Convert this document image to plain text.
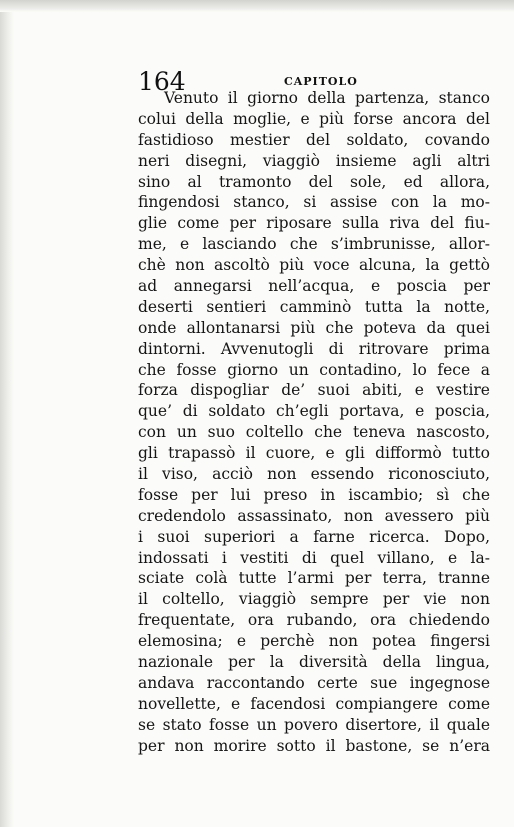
164	CAPITOLO
Venuto il giorno della partenza, stanco
colui della moglie, e più forse ancora del
fastidioso mestier del soldato, covando
neri disegni, viaggiò insieme agli altri
sino al tramonto del sole, ed allora,
fingendosi stanco, si assise con la mo-
glie come per riposare sulla riva del fiu-
me, e lasciando che s’imbrunisse, allor-
chè non ascoltò più voce alcuna, la gettò
ad annegarsi nell’acqua, e poscia per
deserti sentieri camminò tutta la notte,
onde allontanarsi più che poteva da quei
dintorni. Avvenutogli di ritrovare prima
che fosse giorno un contadino, lo fece a
forza dispogliar de’ suoi abiti, e vestire
que’ di soldato ch’egli portava, e poscia,
con un suo coltello che teneva nascosto,
gli trapassò il cuore, e gli difformò tutto
il viso, acciò non essendo riconosciuto,
fosse per lui preso in iscambio; sì che
credendolo assassinato, non avessero più
i suoi superiori a farne ricerca. Dopo,
indossati i vestiti di quel villano, e la-
sciate colà tutte l’armi per terra, tranne
il coltello, viaggiò sempre per vie non
frequentate, ora rubando, ora chiedendo
elemosina; e perchè non potea fingersi
nazionale per la diversità della lingua,
andava raccontando certe sue ingegnose
novellette, e facendosi compiangere come
se stato fosse un povero disertore, il quale
per non morire sotto il bastone, se n’era
